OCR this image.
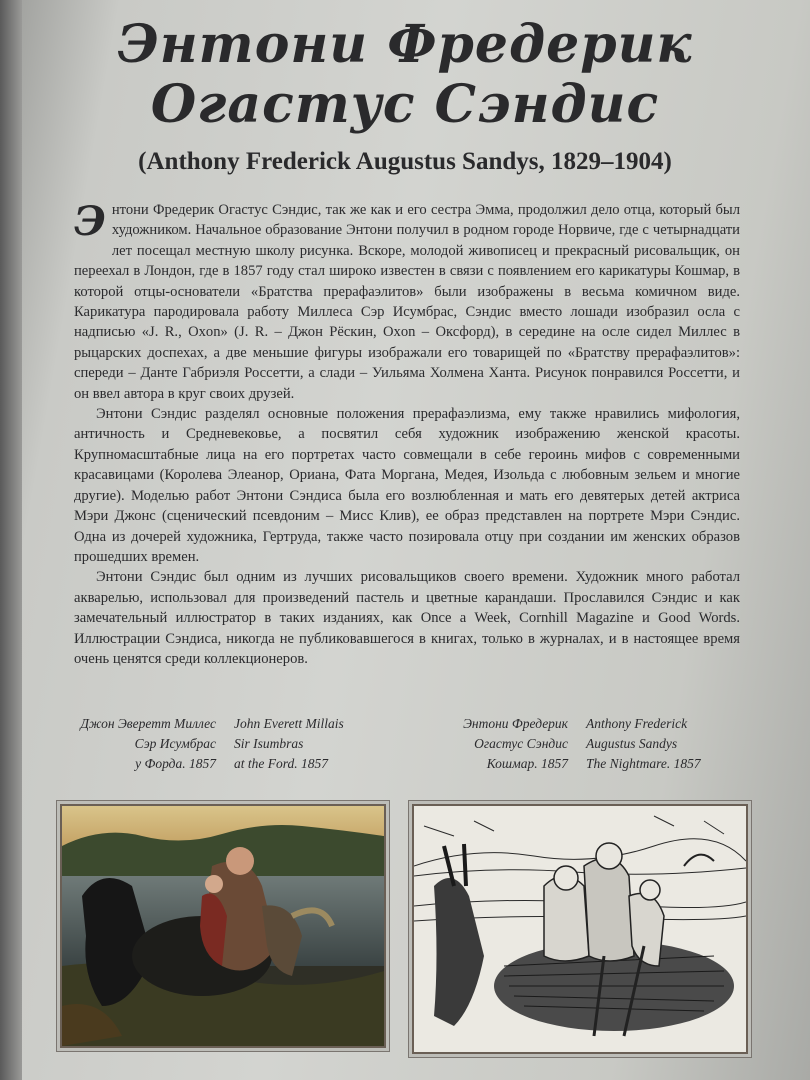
Энтони Фредерик
Огастус Сэндис
(Anthony Frederick Augustus Sandys, 1829–1904)

Энтони Фредерик Огастус Сэндис, так же как и его сестра Эмма, продолжил дело отца, который был художником. Начальное образование Энтони получил в родном городе Норвиче, где с четырнадцати лет посещал местную школу рисунка. Вскоре, молодой живописец и прекрасный рисовальщик, он переехал в Лондон, где в 1857 году стал широко известен в связи с появлением его карикатуры Кошмар, в которой отцы-основатели «Братства прерафаэлитов» были изображены в весьма комичном виде. Карикатура пародировала работу Миллеса Сэр Исумбрас, Сэндис вместо лошади изобразил осла с надписью «J. R., Oxon» (J. R. – Джон Рёскин, Oxon – Оксфорд), в середине на осле сидел Миллес в рыцарских доспехах, а две меньшие фигуры изображали его товарищей по «Братству прерафаэлитов»: спереди – Данте Габриэля Россетти, а слади – Уильяма Холмена Ханта. Рисунок понравился Россетти, и он ввел автора в круг своих друзей.

Энтони Сэндис разделял основные положения прерафаэлизма, ему также нравились мифология, античность и Средневековье, а посвятил себя художник изображению женской красоты. Крупномасштабные лица на его портретах часто совмещали в себе героинь мифов с современными красавицами (Королева Элеанор, Ориана, Фата Моргана, Медея, Изольда с любовным зельем и многие другие). Моделью работ Энтони Сэндиса была его возлюбленная и мать его девятерых детей актриса Мэри Джонс (сценический псевдоним – Мисс Клив), ее образ представлен на портрете Мэри Сэндис. Одна из дочерей художника, Гертруда, также часто позировала отцу при создании им женских образов прошедших времен.

Энтони Сэндис был одним из лучших рисовальщиков своего времени. Художник много работал акварелью, использовал для произведений пастель и цветные карандаши. Прославился Сэндис и как замечательный иллюстратор в таких изданиях, как Once a Week, Cornhill Magazine и Good Words. Иллюстрации Сэндиса, никогда не публиковавшегося в книгах, только в журналах, и в настоящее время очень ценятся среди коллекционеров.

Джон Эверетт Миллес
Сэр Исумбрас
у Форда. 1857
John Everett Millais
Sir Isumbras
at the Ford. 1857
Энтони Фредерик
Огастус Сэндис
Кошмар. 1857
Anthony Frederick
Augustus Sandys
The Nightmare. 1857
